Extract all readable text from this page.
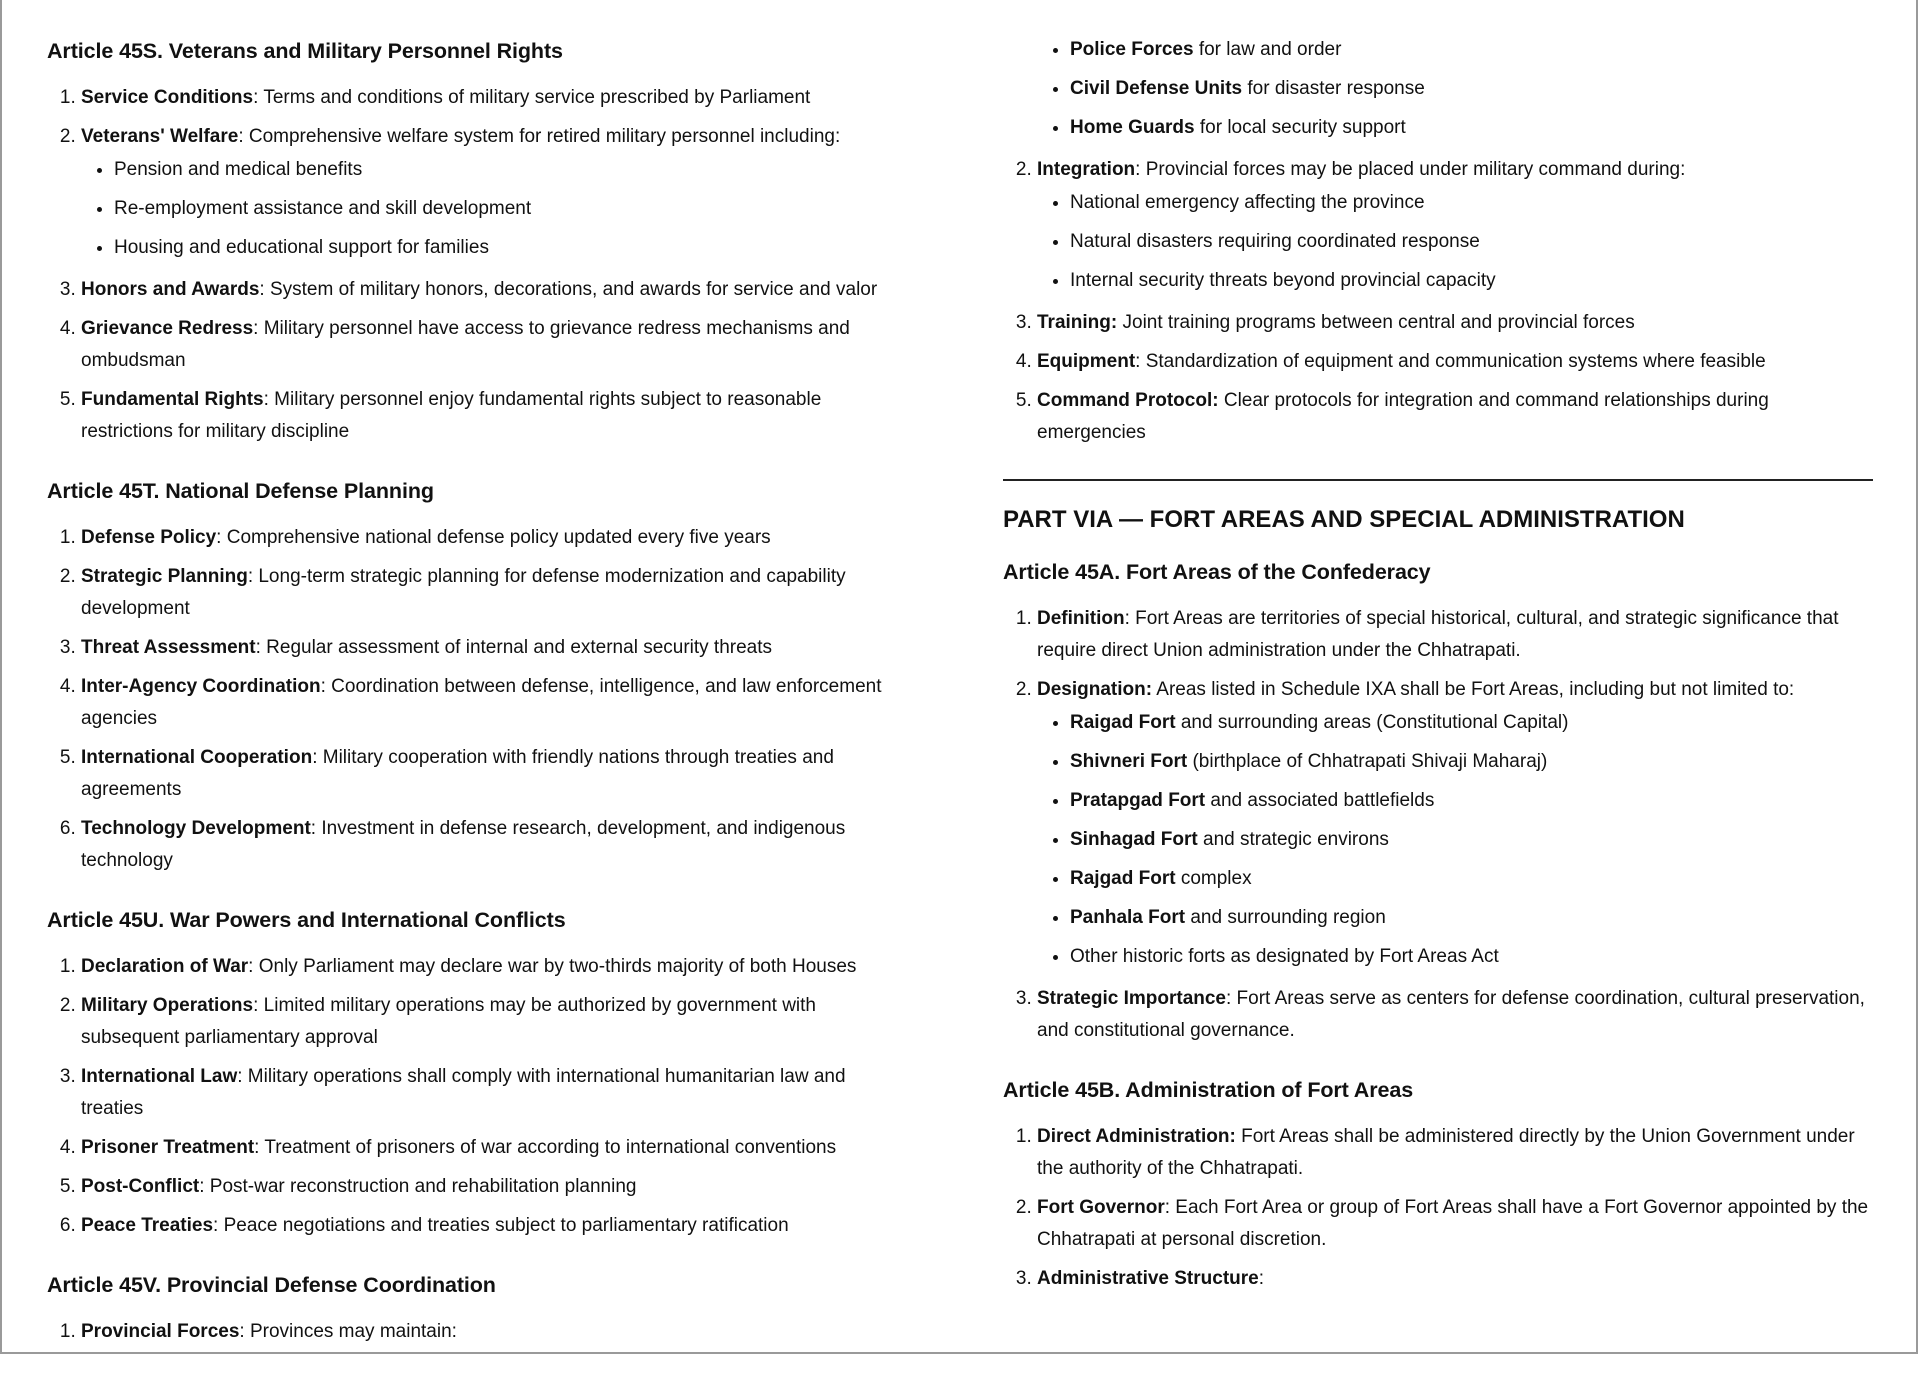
Article 45S. Veterans and Military Personnel Rights
1. Service Conditions: Terms and conditions of military service prescribed by Parliament
2. Veterans' Welfare: Comprehensive welfare system for retired military personnel including:
• Pension and medical benefits
• Re-employment assistance and skill development
• Housing and educational support for families
3. Honors and Awards: System of military honors, decorations, and awards for service and valor
4. Grievance Redress: Military personnel have access to grievance redress mechanisms and ombudsman
5. Fundamental Rights: Military personnel enjoy fundamental rights subject to reasonable restrictions for military discipline
Article 45T. National Defense Planning
1. Defense Policy: Comprehensive national defense policy updated every five years
2. Strategic Planning: Long-term strategic planning for defense modernization and capability development
3. Threat Assessment: Regular assessment of internal and external security threats
4. Inter-Agency Coordination: Coordination between defense, intelligence, and law enforcement agencies
5. International Cooperation: Military cooperation with friendly nations through treaties and agreements
6. Technology Development: Investment in defense research, development, and indigenous technology
Article 45U. War Powers and International Conflicts
1. Declaration of War: Only Parliament may declare war by two-thirds majority of both Houses
2. Military Operations: Limited military operations may be authorized by government with subsequent parliamentary approval
3. International Law: Military operations shall comply with international humanitarian law and treaties
4. Prisoner Treatment: Treatment of prisoners of war according to international conventions
5. Post-Conflict: Post-war reconstruction and rehabilitation planning
6. Peace Treaties: Peace negotiations and treaties subject to parliamentary ratification
Article 45V. Provincial Defense Coordination
1. Provincial Forces: Provinces may maintain:
• Police Forces for law and order
• Civil Defense Units for disaster response
• Home Guards for local security support
2. Integration: Provincial forces may be placed under military command during:
• National emergency affecting the province
• Natural disasters requiring coordinated response
• Internal security threats beyond provincial capacity
3. Training: Joint training programs between central and provincial forces
4. Equipment: Standardization of equipment and communication systems where feasible
5. Command Protocol: Clear protocols for integration and command relationships during emergencies
PART VIA — FORT AREAS AND SPECIAL ADMINISTRATION
Article 45A. Fort Areas of the Confederacy
1. Definition: Fort Areas are territories of special historical, cultural, and strategic significance that require direct Union administration under the Chhatrapati.
2. Designation: Areas listed in Schedule IXA shall be Fort Areas, including but not limited to:
• Raigad Fort and surrounding areas (Constitutional Capital)
• Shivneri Fort (birthplace of Chhatrapati Shivaji Maharaj)
• Pratapgad Fort and associated battlefields
• Sinhagad Fort and strategic environs
• Rajgad Fort complex
• Panhala Fort and surrounding region
• Other historic forts as designated by Fort Areas Act
3. Strategic Importance: Fort Areas serve as centers for defense coordination, cultural preservation, and constitutional governance.
Article 45B. Administration of Fort Areas
1. Direct Administration: Fort Areas shall be administered directly by the Union Government under the authority of the Chhatrapati.
2. Fort Governor: Each Fort Area or group of Fort Areas shall have a Fort Governor appointed by the Chhatrapati at personal discretion.
3. Administrative Structure:
